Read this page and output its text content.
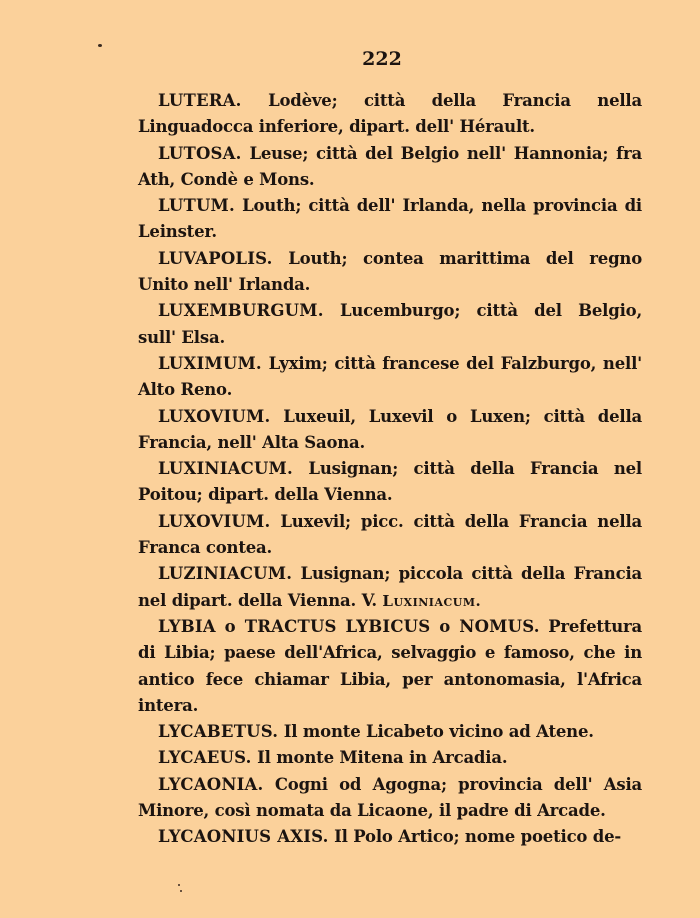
222

LUTERA. Lodève; città della Francia nella Linguadocca inferiore, dipart. dell' Hérault.

LUTOSA. Leuse; città del Belgio nell' Hannonia; fra Ath, Condè e Mons.

LUTUM. Louth; città dell' Irlanda, nella provincia di Leinster.

LUVAPOLIS. Louth; contea marittima del regno Unito nell' Irlanda.

LUXEMBURGUM. Lucemburgo; città del Belgio, sull' Elsa.

LUXIMUM. Lyxim; città francese del Falzburgo, nell' Alto Reno.

LUXOVIUM. Luxeuil, Luxevil o Luxen; città della Francia, nell' Alta Saona.

LUXINIACUM. Lusignan; città della Francia nel Poitou; dipart. della Vienna.

LUXOVIUM. Luxevil; picc. città della Francia nella Franca contea.

LUZINIACUM. Lusignan; piccola città della Francia nel dipart. della Vienna. V. Luxiniacum.

LYBIA o TRACTUS LYBICUS o NOMUS. Prefettura di Libia; paese dell'Africa, selvaggio e famoso, che in antico fece chiamar Libia, per antonomasia, l'Africa intera.

LYCABETUS. Il monte Licabeto vicino ad Atene.

LYCAEUS. Il monte Mitena in Arcadia.

LYCAONIA. Cogni od Agogna; provincia dell' Asia Minore, così nomata da Licaone, il padre di Arcade.

LYCAONIUS AXIS. Il Polo Artico; nome poetico de-
